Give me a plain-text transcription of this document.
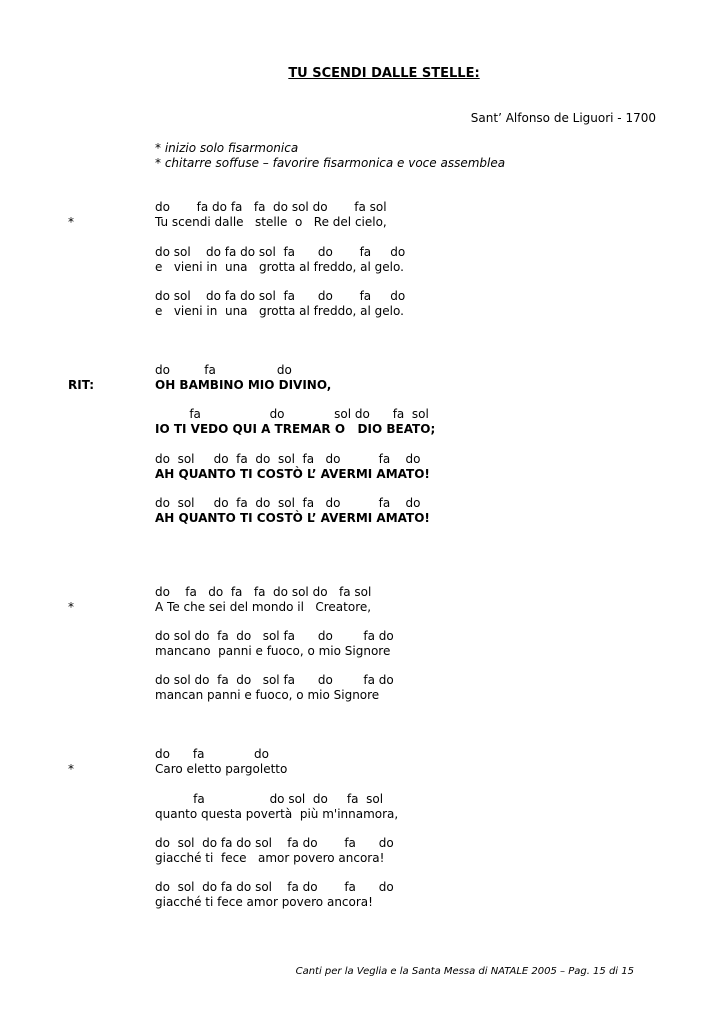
TU SCENDI DALLE STELLE:
Sant’ Alfonso de Liguori - 1700
* inizio solo fisarmonica
* chitarre soffuse – favorire fisarmonica e voce assemblea
do       fa do fa   fa  do sol do       fa sol
*	Tu scendi dalle   stelle  o   Re del cielo,
do sol    do fa do sol  fa      do       fa     do
e   vieni in  una   grotta al freddo, al gelo.
do sol    do fa do sol  fa      do       fa     do
e   vieni in  una   grotta al freddo, al gelo.
do         fa                do
RIT:	OH BAMBINO MIO DIVINO,
fa                  do             sol do      fa  sol
IO TI VEDO QUI A TREMAR O   DIO BEATO;
do  sol     do  fa  do  sol  fa   do          fa    do
AH QUANTO TI COSTÒ L’ AVERMI AMATO!
do  sol     do  fa  do  sol  fa   do          fa    do
AH QUANTO TI COSTÒ L’ AVERMI AMATO!
do    fa   do  fa   fa  do sol do   fa sol
*	A Te che sei del mondo il   Creatore,
do sol do  fa  do   sol fa      do        fa do
mancano  panni e fuoco, o mio Signore
do sol do  fa  do   sol fa      do        fa do
mancan panni e fuoco, o mio Signore
do      fa             do
*	Caro eletto pargoletto
fa                 do sol  do     fa  sol
quanto questa povertà  più m'innamora,
do  sol  do fa do sol    fa do       fa      do
giacché ti  fece   amor povero ancora!
do  sol  do fa do sol    fa do       fa      do
giacché ti fece amor povero ancora!
Canti per la Veglia e la Santa Messa di NATALE 2005 – Pag. 15 di 15
